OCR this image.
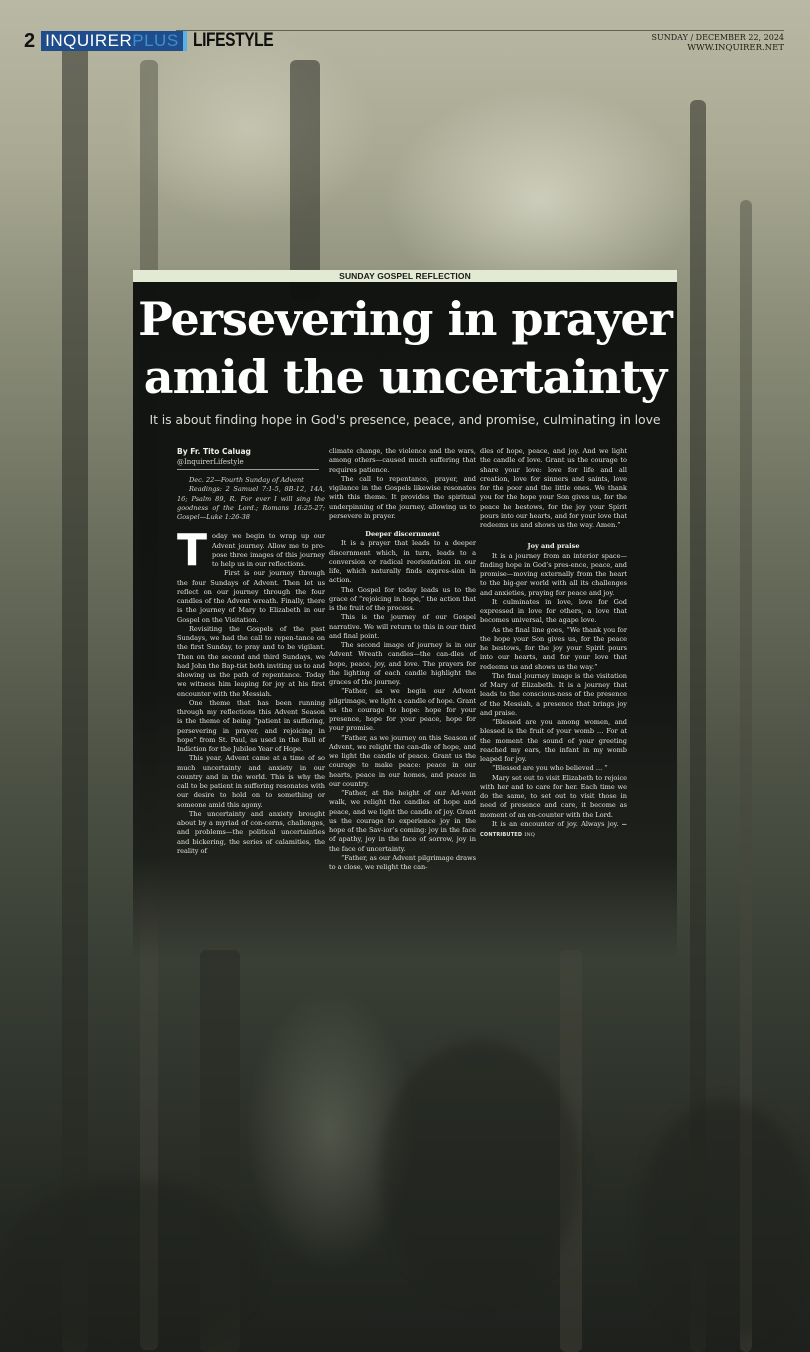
2 INQUIRER PLUS LIFESTYLE	SUNDAY / DECEMBER 22, 2024
WWW.INQUIRER.NET
SUNDAY GOSPEL REFLECTION
Persevering in prayer
amid the uncertainty
It is about finding hope in God's presence, peace, and promise, culminating in love
By Fr. Tito Caluag
@InquirerLifestyle

Dec. 22—Fourth Sunday of Advent

Readings: 2 Samuel 7:1-5, 8B-12, 14A, 16; Psalm 89, R. For ever I will sing the goodness of the Lord.; Romans 16:25-27; Gospel—Luke 1:26-38

T oday we begin to wrap up our Advent journey. Allow me to pro-pose three images of this journey to help us in our reflections.

First is our journey through the four Sundays of Advent. Then let us reflect on our journey through the four candles of the Advent wreath. Finally, there is the journey of Mary to Elizabeth in our Gospel on the Visitation.

Revisiting the Gospels of the past Sundays, we had the call to repen-tance on the first Sunday, to pray and to be vigilant. Then on the second and third Sundays, we had John the Bap-tist both inviting us to and showing us the path of repentance. Today we witness him leaping for joy at his first encounter with the Messiah.

One theme that has been running through my reflections this Advent Season is the theme of being “patient in suffering, persevering in prayer, and rejoicing in hope” from St. Paul, as used in the Bull of Indiction for the Jubilee Year of Hope.

This year, Advent came at a time of so much uncertainty and anxiety in our country and in the world. This is why the call to be patient in suffering resonates with our desire to hold on to something or someone amid this agony.

The uncertainty and anxiety brought about by a myriad of con-cerns, challenges, and problems—the political uncertainties and bickering, the series of calamities, the reality of

climate change, the violence and the wars, among others—caused much suffering that requires patience.

The call to repentance, prayer, and vigilance in the Gospels likewise resonates with this theme. It provides the spiritual underpinning of the journey, allowing us to persevere in prayer.

Deeper discernment

It is a prayer that leads to a deeper discernment which, in turn, leads to a conversion or radical reorientation in our life, which naturally finds expres-sion in action.

The Gospel for today leads us to the grace of “rejoicing in hope,” the action that is the fruit of the process.

This is the journey of our Gospel narrative. We will return to this in our third and final point.

The second image of journey is in our Advent Wreath candles—the can-dles of hope, peace, joy, and love. The prayers for the lighting of each candle highlight the graces of the journey.

“Father, as we begin our Advent pilgrimage, we light a candle of hope. Grant us the courage to hope: hope for your presence, hope for your peace, hope for your promise.

“Father, as we journey on this Season of Advent, we relight the can-dle of hope, and we light the candle of peace. Grant us the courage to make peace: peace in our hearts, peace in our homes, and peace in our country.

“Father, at the height of our Ad-vent walk, we relight the candles of hope and peace, and we light the candle of joy. Grant us the courage to experience joy in the hope of the Sav-ior’s coming: joy in the face of apathy, joy in the face of sorrow, joy in the face of uncertainty.

“Father, as our Advent pilgrimage draws to a close, we relight the can-

dles of hope, peace, and joy. And we light the candle of love. Grant us the courage to share your love: love for life and all creation, love for sinners and saints, love for the poor and the little ones. We thank you for the hope your Son gives us, for the peace he bestows, for the joy your Spirit pours into our hearts, and for your love that redeems us and shows us the way. Amen.”

Joy and praise

It is a journey from an interior space—finding hope in God’s pres-ence, peace, and promise—moving externally from the heart to the big-ger world with all its challenges and anxieties, praying for peace and joy.

It culminates in love, love for God expressed in love for others, a love that becomes universal, the agape love.

As the final line goes, “We thank you for the hope your Son gives us, for the peace he bestows, for the joy your Spirit pours into our hearts, and for your love that redeems us and shows us the way.”

The final journey image is the visitation of Mary of Elizabeth. It is a journey that leads to the conscious-ness of the presence of the Messiah, a presence that brings joy and praise.

“Blessed are you among women, and blessed is the fruit of your womb … For at the moment the sound of your greeting reached my ears, the infant in my womb leaped for joy.

“Blessed are you who believed … ”

Mary set out to visit Elizabeth to rejoice with her and to care for her. Each time we do the same, to set out to visit those in need of presence and care, it become as moment of an en-counter with the Lord.

It is an encounter of joy. Always joy. —CONTRIBUTED INQ
